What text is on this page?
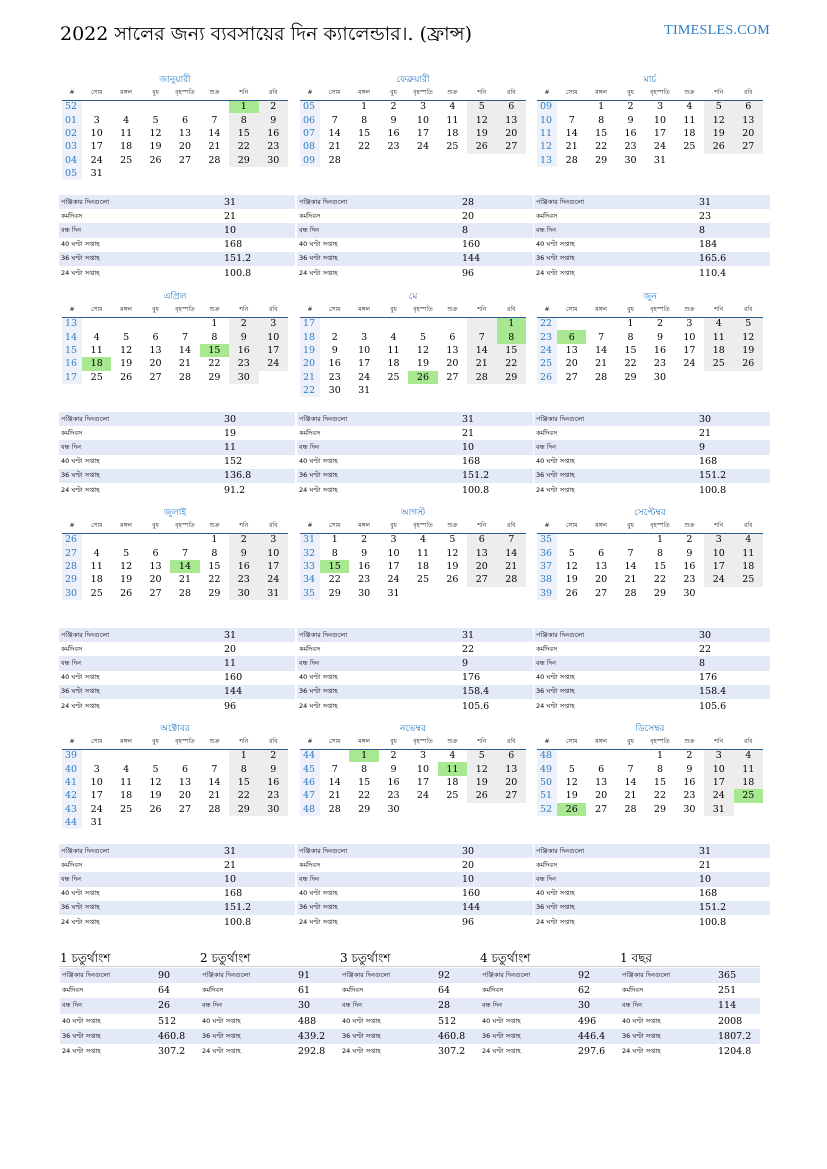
2022 সালের জন্য ব্যবসায়ের দিন ক্যালেন্ডার।. (ফ্রান্স)	TIMESLES.COM
জানুয়ারী
#	সোম	মঙ্গল	বুধ	বৃহস্পতি	শুক্র	শনি	রবি
52						1	2
01	3	4	5	6	7	8	9
02	10	11	12	13	14	15	16
03	17	18	19	20	21	22	23
04	24	25	26	27	28	29	30
05	31						
পঞ্জিকার দিনগুলো	31
কর্মদিবস	21
বন্ধ দিন	10
40 ঘণ্টা সপ্তাহ	168
36 ঘণ্টা সপ্তাহ	151.2
24 ঘণ্টা সপ্তাহ	100.8
ফেব্রুয়ারী
#	সোম	মঙ্গল	বুধ	বৃহস্পতি	শুক্র	শনি	রবি
05		1	2	3	4	5	6
06	7	8	9	10	11	12	13
07	14	15	16	17	18	19	20
08	21	22	23	24	25	26	27
09	28						
পঞ্জিকার দিনগুলো	28
কর্মদিবস	20
বন্ধ দিন	8
40 ঘণ্টা সপ্তাহ	160
36 ঘণ্টা সপ্তাহ	144
24 ঘণ্টা সপ্তাহ	96
মার্চ
#	সোম	মঙ্গল	বুধ	বৃহস্পতি	শুক্র	শনি	রবি
09		1	2	3	4	5	6
10	7	8	9	10	11	12	13
11	14	15	16	17	18	19	20
12	21	22	23	24	25	26	27
13	28	29	30	31			
পঞ্জিকার দিনগুলো	31
কর্মদিবস	23
বন্ধ দিন	8
40 ঘণ্টা সপ্তাহ	184
36 ঘণ্টা সপ্তাহ	165.6
24 ঘণ্টা সপ্তাহ	110.4
এপ্রিল
#	সোম	মঙ্গল	বুধ	বৃহস্পতি	শুক্র	শনি	রবি
13					1	2	3
14	4	5	6	7	8	9	10
15	11	12	13	14	15	16	17
16	18	19	20	21	22	23	24
17	25	26	27	28	29	30	
পঞ্জিকার দিনগুলো	30
কর্মদিবস	19
বন্ধ দিন	11
40 ঘণ্টা সপ্তাহ	152
36 ঘণ্টা সপ্তাহ	136.8
24 ঘণ্টা সপ্তাহ	91.2
মে
#	সোম	মঙ্গল	বুধ	বৃহস্পতি	শুক্র	শনি	রবি
17							1
18	2	3	4	5	6	7	8
19	9	10	11	12	13	14	15
20	16	17	18	19	20	21	22
21	23	24	25	26	27	28	29
22	30	31					
পঞ্জিকার দিনগুলো	31
কর্মদিবস	21
বন্ধ দিন	10
40 ঘণ্টা সপ্তাহ	168
36 ঘণ্টা সপ্তাহ	151.2
24 ঘণ্টা সপ্তাহ	100.8
জুন
#	সোম	মঙ্গল	বুধ	বৃহস্পতি	শুক্র	শনি	রবি
22			1	2	3	4	5
23	6	7	8	9	10	11	12
24	13	14	15	16	17	18	19
25	20	21	22	23	24	25	26
26	27	28	29	30			
পঞ্জিকার দিনগুলো	30
কর্মদিবস	21
বন্ধ দিন	9
40 ঘণ্টা সপ্তাহ	168
36 ঘণ্টা সপ্তাহ	151.2
24 ঘণ্টা সপ্তাহ	100.8
জুলাই
#	সোম	মঙ্গল	বুধ	বৃহস্পতি	শুক্র	শনি	রবি
26					1	2	3
27	4	5	6	7	8	9	10
28	11	12	13	14	15	16	17
29	18	19	20	21	22	23	24
30	25	26	27	28	29	30	31
পঞ্জিকার দিনগুলো	31
কর্মদিবস	20
বন্ধ দিন	11
40 ঘণ্টা সপ্তাহ	160
36 ঘণ্টা সপ্তাহ	144
24 ঘণ্টা সপ্তাহ	96
আগস্ট
#	সোম	মঙ্গল	বুধ	বৃহস্পতি	শুক্র	শনি	রবি
31	1	2	3	4	5	6	7
32	8	9	10	11	12	13	14
33	15	16	17	18	19	20	21
34	22	23	24	25	26	27	28
35	29	30	31				
পঞ্জিকার দিনগুলো	31
কর্মদিবস	22
বন্ধ দিন	9
40 ঘণ্টা সপ্তাহ	176
36 ঘণ্টা সপ্তাহ	158.4
24 ঘণ্টা সপ্তাহ	105.6
সেপ্টেম্বর
#	সোম	মঙ্গল	বুধ	বৃহস্পতি	শুক্র	শনি	রবি
35				1	2	3	4
36	5	6	7	8	9	10	11
37	12	13	14	15	16	17	18
38	19	20	21	22	23	24	25
39	26	27	28	29	30		
পঞ্জিকার দিনগুলো	30
কর্মদিবস	22
বন্ধ দিন	8
40 ঘণ্টা সপ্তাহ	176
36 ঘণ্টা সপ্তাহ	158.4
24 ঘণ্টা সপ্তাহ	105.6
অক্টোবর
#	সোম	মঙ্গল	বুধ	বৃহস্পতি	শুক্র	শনি	রবি
39						1	2
40	3	4	5	6	7	8	9
41	10	11	12	13	14	15	16
42	17	18	19	20	21	22	23
43	24	25	26	27	28	29	30
44	31						
পঞ্জিকার দিনগুলো	31
কর্মদিবস	21
বন্ধ দিন	10
40 ঘণ্টা সপ্তাহ	168
36 ঘণ্টা সপ্তাহ	151.2
24 ঘণ্টা সপ্তাহ	100.8
নভেম্বর
#	সোম	মঙ্গল	বুধ	বৃহস্পতি	শুক্র	শনি	রবি
44		1	2	3	4	5	6
45	7	8	9	10	11	12	13
46	14	15	16	17	18	19	20
47	21	22	23	24	25	26	27
48	28	29	30				
পঞ্জিকার দিনগুলো	30
কর্মদিবস	20
বন্ধ দিন	10
40 ঘণ্টা সপ্তাহ	160
36 ঘণ্টা সপ্তাহ	144
24 ঘণ্টা সপ্তাহ	96
ডিসেম্বর
#	সোম	মঙ্গল	বুধ	বৃহস্পতি	শুক্র	শনি	রবি
48				1	2	3	4
49	5	6	7	8	9	10	11
50	12	13	14	15	16	17	18
51	19	20	21	22	23	24	25
52	26	27	28	29	30	31	
পঞ্জিকার দিনগুলো	31
কর্মদিবস	21
বন্ধ দিন	10
40 ঘণ্টা সপ্তাহ	168
36 ঘণ্টা সপ্তাহ	151.2
24 ঘণ্টা সপ্তাহ	100.8
1 চতুর্থাংশ
পঞ্জিকার দিনগুলো	90
কর্মদিবস	64
বন্ধ দিন	26
40 ঘণ্টা সপ্তাহ	512
36 ঘণ্টা সপ্তাহ	460.8
24 ঘণ্টা সপ্তাহ	307.2
2 চতুর্থাংশ
পঞ্জিকার দিনগুলো	91
কর্মদিবস	61
বন্ধ দিন	30
40 ঘণ্টা সপ্তাহ	488
36 ঘণ্টা সপ্তাহ	439.2
24 ঘণ্টা সপ্তাহ	292.8
3 চতুর্থাংশ
পঞ্জিকার দিনগুলো	92
কর্মদিবস	64
বন্ধ দিন	28
40 ঘণ্টা সপ্তাহ	512
36 ঘণ্টা সপ্তাহ	460.8
24 ঘণ্টা সপ্তাহ	307.2
4 চতুর্থাংশ
পঞ্জিকার দিনগুলো	92
কর্মদিবস	62
বন্ধ দিন	30
40 ঘণ্টা সপ্তাহ	496
36 ঘণ্টা সপ্তাহ	446.4
24 ঘণ্টা সপ্তাহ	297.6
1 বছর
পঞ্জিকার দিনগুলো	365
কর্মদিবস	251
বন্ধ দিন	114
40 ঘণ্টা সপ্তাহ	2008
36 ঘণ্টা সপ্তাহ	1807.2
24 ঘণ্টা সপ্তাহ	1204.8
